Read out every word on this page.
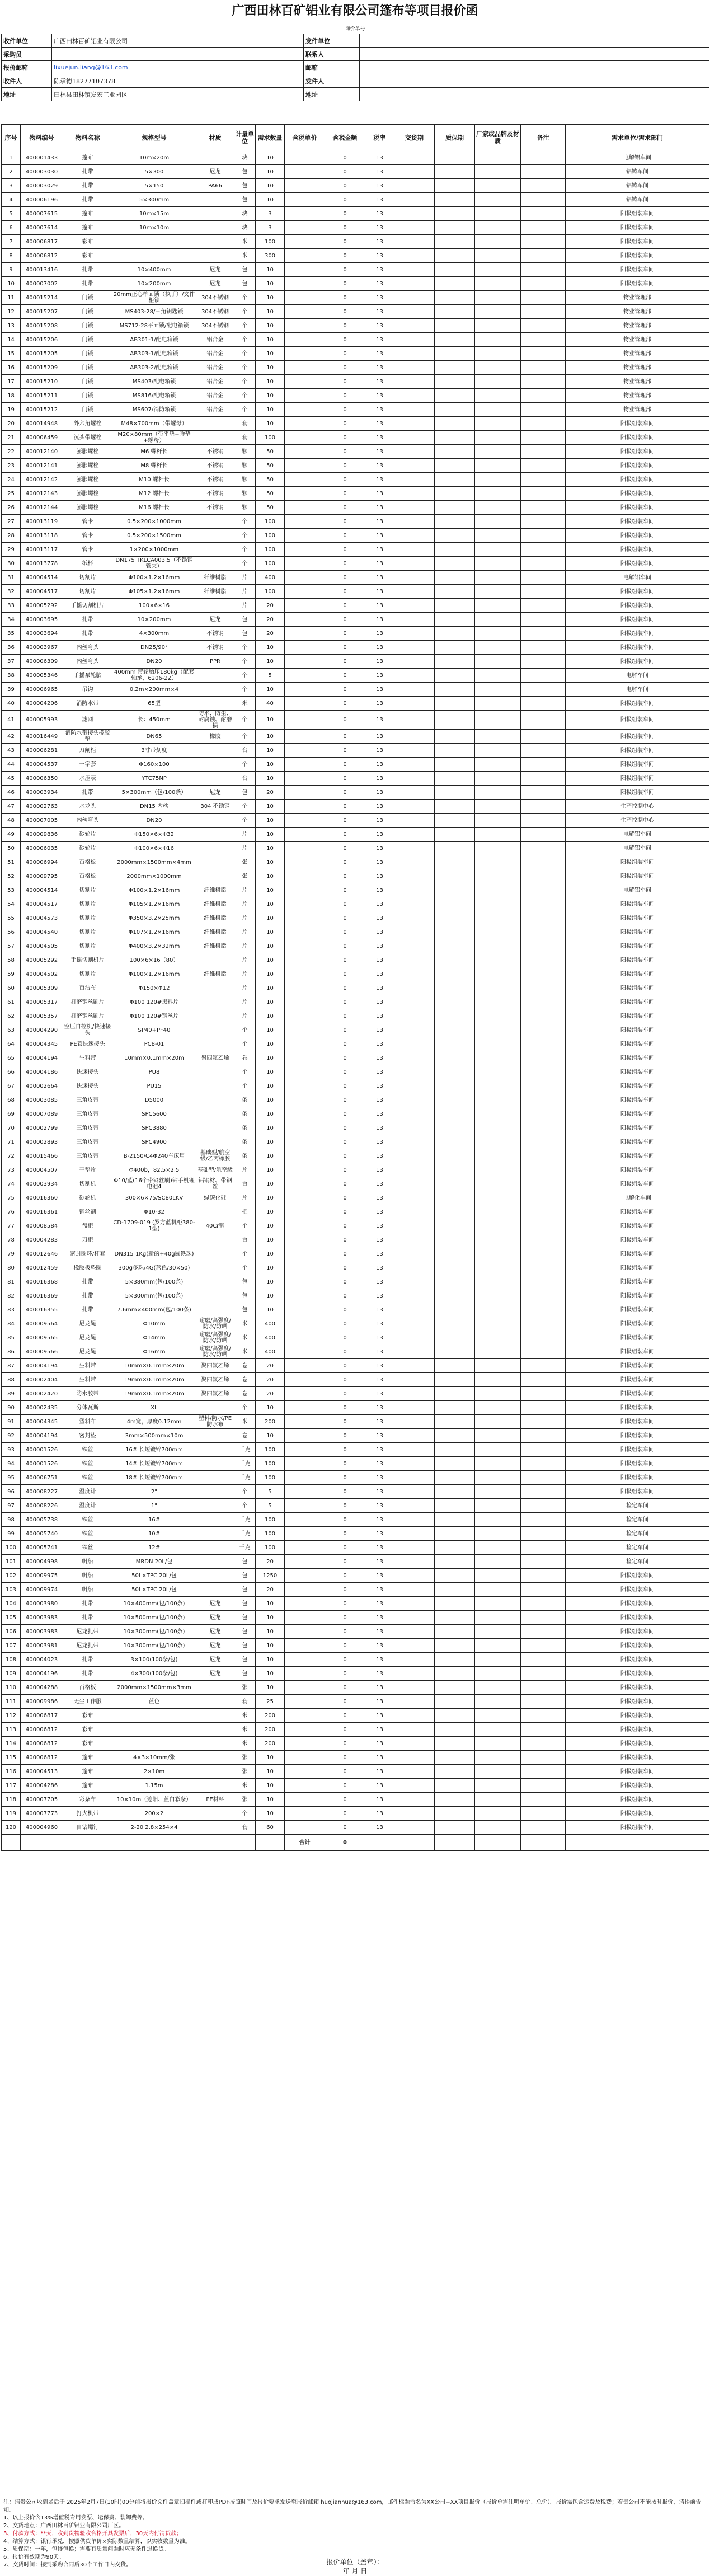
广西田林百矿铝业有限公司篷布等项目报价函
询价单号
收件单位	广西田林百矿铝业有限公司	发件单位	
采购员		联系人	
报价邮箱	lixuejun.liang@163.com	邮箱	
收件人	陈承德18277107378	发件人	
地址	田林县田林镇发宏工业园区	地址	
序号	物料编号	物料名称	规格型号	材质	计量单位	需求数量	含税单价	含税金额	税率	交货期	质保期	厂家或品牌及材质	备注	需求单位/需求部门
1	400001433	篷布	10m×20m		块	10		0	13					电解铝车间
2	400003030	扎带	5×300	尼龙	包	10		0	13					铝铸车间
3	400003029	扎带	5×150	PA66	包	10		0	13					铝铸车间
4	400006196	扎带	5×300mm		包	10		0	13					铝铸车间
5	400007615	篷布	10m×15m		块	3		0	13					阳极组装车间
6	400007614	篷布	10m×10m		块	3		0	13					阳极组装车间
7	400006817	彩布			米	100		0	13					阳极组装车间
8	400006812	彩布			米	300		0	13					阳极组装车间
9	400013416	扎带	10×400mm	尼龙	包	10		0	13					阳极组装车间
10	400007002	扎带	10×200mm	尼龙	包	10		0	13					阳极组装车间
11	400015214	门锁	20mm正心单面锁（执手）/文件柜锁	304不锈钢	个	10		0	13					物业管理部
12	400015207	门锁	MS403-28/三角钥匙锁	304不锈钢	个	10		0	13					物业管理部
13	400015208	门锁	MS712-28平面锁/配电箱锁	304不锈钢	个	10		0	13					物业管理部
14	400015206	门锁	AB301-1/配电箱锁	铝合金	个	10		0	13					物业管理部
15	400015205	门锁	AB303-1/配电箱锁	铝合金	个	10		0	13					物业管理部
16	400015209	门锁	AB303-2/配电箱锁	铝合金	个	10		0	13					物业管理部
17	400015210	门锁	MS403/配电箱锁	铝合金	个	10		0	13					物业管理部
18	400015211	门锁	MS816/配电箱锁	铝合金	个	10		0	13					物业管理部
19	400015212	门锁	MS607/消防箱锁	铝合金	个	10		0	13					物业管理部
20	400014948	外六角螺栓	M48×700mm（带螺母）		套	10		0	13					阳极组装车间
21	400006459	沉头带螺栓	M20×80mm（带平垫+弹垫+螺母）		套	100		0	13					阳极组装车间
22	400012140	膨胀螺栓	M6 螺杆长	不锈钢	颗	50		0	13					阳极组装车间
23	400012141	膨胀螺栓	M8 螺杆长	不锈钢	颗	50		0	13					阳极组装车间
24	400012142	膨胀螺栓	M10 螺杆长	不锈钢	颗	50		0	13					阳极组装车间
25	400012143	膨胀螺栓	M12 螺杆长	不锈钢	颗	50		0	13					阳极组装车间
26	400012144	膨胀螺栓	M16 螺杆长	不锈钢	颗	50		0	13					阳极组装车间
27	400013119	管卡	0.5×200×1000mm		个	100		0	13					阳极组装车间
28	400013118	管卡	0.5×200×1500mm		个	100		0	13					阳极组装车间
29	400013117	管卡	1×200×1000mm		个	100		0	13					阳极组装车间
30	400013778	纸杯	DN175 TKLCA003.5（不锈钢管夹）		个	100		0	13					阳极组装车间
31	400004514	切割片	Φ100×1.2×16mm	纤维树脂	片	400		0	13					电解铝车间
32	400004517	切割片	Φ105×1.2×16mm	纤维树脂	片	100		0	13					阳极组装车间
33	400005292	手摇切割机片	100×6×16		片	20		0	13					阳极组装车间
34	400003695	扎带	10×200mm	尼龙	包	20		0	13					阳极组装车间
35	400003694	扎带	4×300mm	不锈钢	包	20		0	13					阳极组装车间
36	400003967	内丝弯头	DN25/90°	不锈钢	个	10		0	13					阳极组装车间
37	400006309	内丝弯头	DN20	PPR	个	10		0	13					阳极组装车间
38	400005346	手摇泵轮胎	400mm 带轮胎压180kg（配套轴承，6206-2Z）		个	5		0	13					电解车间
39	400006965	吊钩	0.2m×200mm×4		个	10		0	13					电解车间
40	400004206	消防水带	65型		米	40		0	13					阳极组装车间
41	400005993	滤网	长：450mm	防水、防尘、耐腐蚀、耐磨损	个	10		0	13					阳极组装车间
42	400016449	消防水带接头橡胶垫	DN65	橡胶	个	10		0	13					阳极组装车间
43	400006281	刀闸柜	3寸带刻度		台	10		0	13					阳极组装车间
44	400004537	一字套	Φ160×100		个	10		0	13					阳极组装车间
45	400006350	水压表	YTC75NP		台	10		0	13					阳极组装车间
46	400003934	扎带	5×300mm（包/100条）	尼龙	包	20		0	13					阳极组装车间
47	400002763	水龙头	DN15 内丝	304 不锈钢	个	10		0	13					生产控制中心
48	400007005	内丝弯头	DN20		个	10		0	13					生产控制中心
49	400009836	砂轮片	Φ150×6×Φ32		片	10		0	13					电解铝车间
50	400006035	砂轮片	Φ100×6×Φ16		片	10		0	13					电解铝车间
51	400006994	百格板	2000mm×1500mm×4mm		张	10		0	13					阳极组装车间
52	400009795	百格板	2000mm×1000mm		张	10		0	13					阳极组装车间
53	400004514	切割片	Φ100×1.2×16mm	纤维树脂	片	10		0	13					电解铝车间
54	400004517	切割片	Φ105×1.2×16mm	纤维树脂	片	10		0	13					阳极组装车间
55	400004573	切割片	Φ350×3.2×25mm	纤维树脂	片	10		0	13					阳极组装车间
56	400004540	切割片	Φ107×1.2×16mm	纤维树脂	片	10		0	13					阳极组装车间
57	400004505	切割片	Φ400×3.2×32mm	纤维树脂	片	10		0	13					阳极组装车间
58	400005292	手摇切割机片	100×6×16（80）		片	10		0	13					阳极组装车间
59	400004502	切割片	Φ100×1.2×16mm	纤维树脂	片	10		0	13					阳极组装车间
60	400005309	百洁布	Φ150×Φ12		片	10		0	13					阳极组装车间
61	400005317	打磨钢丝刷片	Φ100 120#黑料片		片	10		0	13					阳极组装车间
62	400005357	打磨钢丝刷片	Φ100 120#钢丝片		片	10		0	13					阳极组装车间
63	400004290	空压自控机/快速接头	SP40+PF40		个	10		0	13					阳极组装车间
64	400004345	PE管快速接头	PC8-01		个	10		0	13					阳极组装车间
65	400004194	生料带	10mm×0.1mm×20m	聚四氟乙烯	卷	10		0	13					阳极组装车间
66	400004186	快速接头	PU8		个	10		0	13					阳极组装车间
67	400002664	快速接头	PU15		个	10		0	13					阳极组装车间
68	400003085	三角皮带	D5000		条	10		0	13					阳极组装车间
69	400007089	三角皮带	SPC5600		条	10		0	13					阳极组装车间
70	400002799	三角皮带	SPC3880		条	10		0	13					阳极组装车间
71	400002893	三角皮带	SPC4900		条	10		0	13					阳极组装车间
72	400015466	三角皮带	B-2150/C4Φ240车床用	基础型/航空级/乙丙橡胶	条	10		0	13					阳极组装车间
73	400004507	平垫片	Φ400b，82.5×2.5	基础型/航空级	片	10		0	13					阳极组装车间
74	400003934	切割机	Φ10/蓝(16个带钢丝刷)钻手机锂电池4	铝钢材、带钢丝	台	10		0	13					阳极组装车间
75	400016360	砂轮机	300×6×75/SC80LKV	绿碳化硅	片	10		0	13					电解化车间
76	400016361	钢丝刷	Φ10-32		把	10		0	13					阳极组装车间
77	400008584	盘柜	CD-1709-019 (罗方蓝机柜380-1型)	40Cr钢	个	10		0	13					阳极组装车间
78	400004283	刀柜			台	10		0	13					阳极组装车间
79	400012646	密封圈环/杆套	DN315 1Kg(新的+40g圆铁珠)		个	10		0	13					阳极组装车间
80	400012459	橡胶板垫圈	300g多珠/4G(蓝色/30×50)		个	10		0	13					阳极组装车间
81	400016368	扎带	5×380mm(包/100条)		包	10		0	13					阳极组装车间
82	400016369	扎带	5×300mm(包/100条)		包	10		0	13					阳极组装车间
83	400016355	扎带	7.6mm×400mm(包/100条)		包	10		0	13					阳极组装车间
84	400009564	尼龙绳	Φ10mm	耐磨/高强度/防水/防晒	米	400		0	13					阳极组装车间
85	400009565	尼龙绳	Φ14mm	耐磨/高强度/防水/防晒	米	400		0	13					阳极组装车间
86	400009566	尼龙绳	Φ16mm	耐磨/高强度/防水/防晒	米	400		0	13					阳极组装车间
87	400004194	生料带	10mm×0.1mm×20m	聚四氟乙烯	卷	20		0	13					阳极组装车间
88	400002404	生料带	19mm×0.1mm×20m	聚四氟乙烯	卷	20		0	13					阳极组装车间
89	400002420	防水胶带	19mm×0.1mm×20m	聚四氟乙烯	卷	20		0	13					阳极组装车间
90	400002435	分体瓦斯	XL		个	10		0	13					阳极组装车间
91	400004345	塑料布	4m宽，厚度0.12mm	塑料/防水/PE防水布	米	200		0	13					阳极组装车间
92	400004194	密封垫	3mm×500mm×10m		卷	10		0	13					阳极组装车间
93	400001526	铁丝	16# 长短镀锌700mm		千克	100		0	13					阳极组装车间
94	400001526	铁丝	14# 长短镀锌700mm		千克	100		0	13					阳极组装车间
95	400006751	铁丝	18# 长短镀锌700mm		千克	100		0	13					阳极组装车间
96	400008227	温度计	2"		个	5		0	13					阳极组装车间
97	400008226	温度计	1"		个	5		0	13					检定车间
98	400005738	铁丝	16#		千克	100		0	13					检定车间
99	400005740	铁丝	10#		千克	100		0	13					检定车间
100	400005741	铁丝	12#		千克	100		0	13					检定车间
101	400004998	帆船	MRDN 20L/包		包	20		0	13					检定车间
102	400009975	帆船	50L×TPC 20L/包		包	1250		0	13					阳极组装车间
103	400009974	帆船	50L×TPC 20L/包		包	20		0	13					阳极组装车间
104	400003980	扎带	10×400mm(包/100条)	尼龙	包	10		0	13					阳极组装车间
105	400003983	扎带	10×500mm(包/100条)	尼龙	包	10		0	13					阳极组装车间
106	400003983	尼龙扎带	10×300mm(包/100条)	尼龙	包	10		0	13					阳极组装车间
107	400003981	尼龙扎带	10×300mm(包/100条)	尼龙	包	10		0	13					阳极组装车间
108	400004023	扎带	3×100(100条/包)	尼龙	包	10		0	13					阳极组装车间
109	400004196	扎带	4×300(100条/包)	尼龙	包	10		0	13					阳极组装车间
110	400004288	百格板	2000mm×1500mm×3mm		张	10		0	13					阳极组装车间
111	400009986	无尘工作服	蓝色		套	25		0	13					阳极组装车间
112	400006817	彩布			米	200		0	13					阳极组装车间
113	400006812	彩布			米	200		0	13					阳极组装车间
114	400006812	彩布			米	200		0	13					阳极组装车间
115	400006812	篷布	4×3×10mm/张		张	10		0	13					阳极组装车间
116	400004513	篷布	2×10m		张	10		0	13					阳极组装车间
117	400004286	篷布	1.15m		米	10		0	13					阳极组装车间
118	400007705	彩条布	10×10m（遮阳、蓝白彩条）	PE材料	张	10		0	13					阳极组装车间
119	400007773	打火机带	200×2		个	10		0	13					阳极组装车间
120	400004960	自钻螺钉	2-20 2.8×254×4		套	60		0	13					阳极组装车间
							合计	0						

注：请贵公司收到函后于 2025年2月7日(10时)00分前将报价文件盖章扫描件或打印成PDF按照时间及报价要求发送至报价邮箱 huojianhua@163.com，邮件标题命名为XX公司+XX项目报价（报价单需注明单价、总价）。报价需包含运费及税费；若贵公司不能按时报价，请提前告知。

1、以上报价含13%增值税专用发票、运保费、装卸费等。

2、交货地点：广西田林百矿铝业有限公司厂区。

3、付款方式：**天，收到货物验收合格开具发票后，30天内付清货款；

4、结算方式：银行承兑，按照供货单价×实际数量结算，以实收数量为准。

5、质保期：一年，包修包换；需要有质量问题时应无条件退换货。

6、报价有效期为90天。

7、交货时间：接到采购合同后30个工作日内交货。	报价单位（盖章）：
年 月 日
